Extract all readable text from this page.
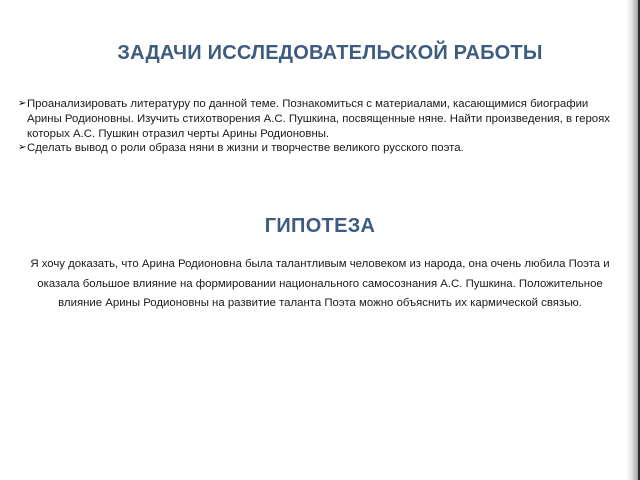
ЗАДАЧИ ИССЛЕДОВАТЕЛЬСКОЙ РАБОТЫ
➢ Проанализировать литературу по данной теме. Познакомиться с материалами, касающимися биографии Арины Родионовны. Изучить стихотворения А.С. Пушкина, посвященные няне. Найти произведения, в героях которых А.С. Пушкин отразил черты Арины Родионовны.
➢ Сделать вывод о роли образа няни в жизни и творчестве великого русского поэта.
ГИПОТЕЗА
Я хочу доказать, что Арина Родионовна была талантливым человеком из народа, она очень любила Поэта и оказала большое влияние на формировании национального самосознания А.С. Пушкина. Положительное влияние Арины Родионовны на развитие таланта Поэта можно объяснить их кармической связью.
